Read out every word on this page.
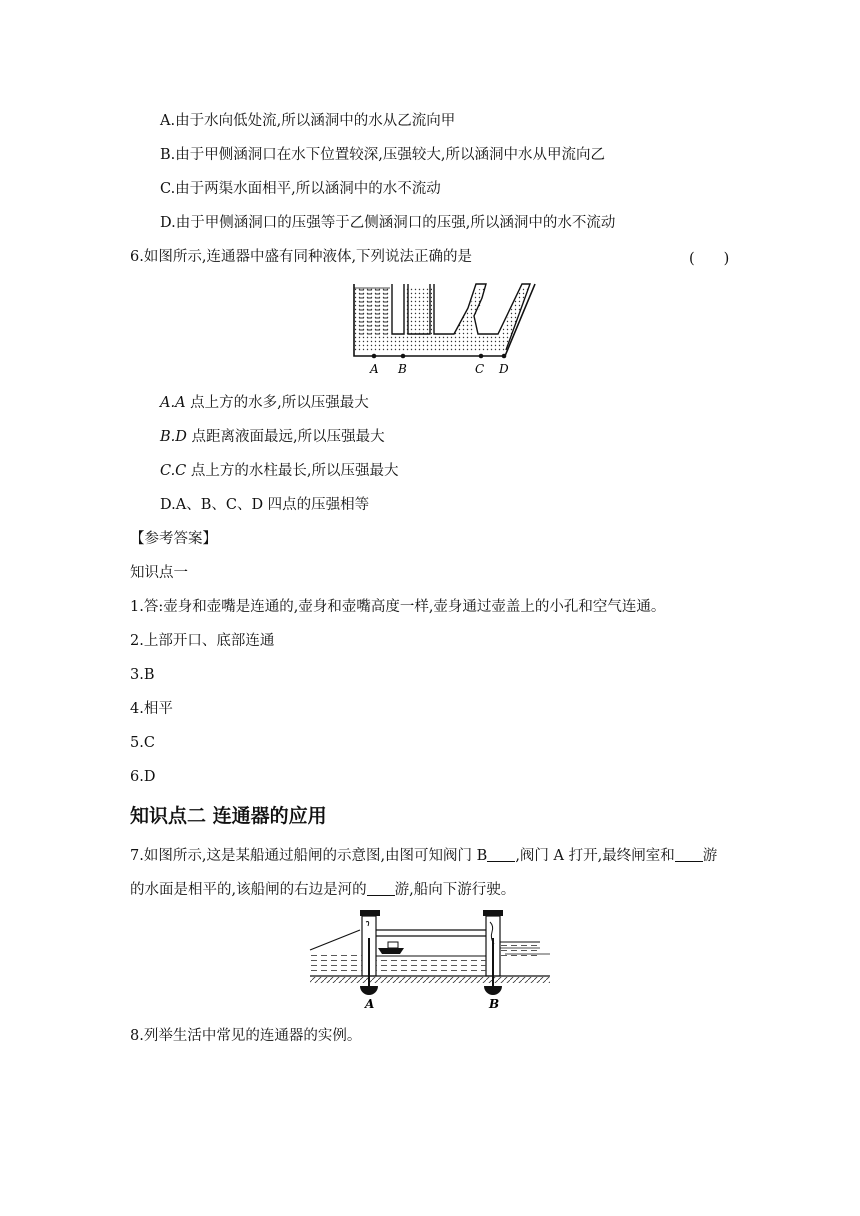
A.由于水向低处流,所以涵洞中的水从乙流向甲
B.由于甲侧涵洞口在水下位置较深,压强较大,所以涵洞中水从甲流向乙
C.由于两渠水面相平,所以涵洞中的水不流动
D.由于甲侧涵洞口的压强等于乙侧涵洞口的压强,所以涵洞中的水不流动
6.如图所示,连通器中盛有同种液体,下列说法正确的是	(　　)
A B	C D
A.A 点上方的水多,所以压强最大
B.D 点距离液面最远,所以压强最大
C.C 点上方的水柱最长,所以压强最大
D.A、B、C、D 四点的压强相等
【参考答案】
知识点一
1.答:壶身和壶嘴是连通的,壶身和壶嘴高度一样,壶身通过壶盖上的小孔和空气连通。
2.上部开口、底部连通
3.B
4.相平
5.C
6.D
知识点二 连通器的应用
7.如图所示,这是某船通过船闸的示意图,由图可知阀门 B ,阀门 A 打开,最终闸室和 游
的水面是相平的,该船闸的右边是河的 游,船向下游行驶。
A	B
8.列举生活中常见的连通器的实例。
